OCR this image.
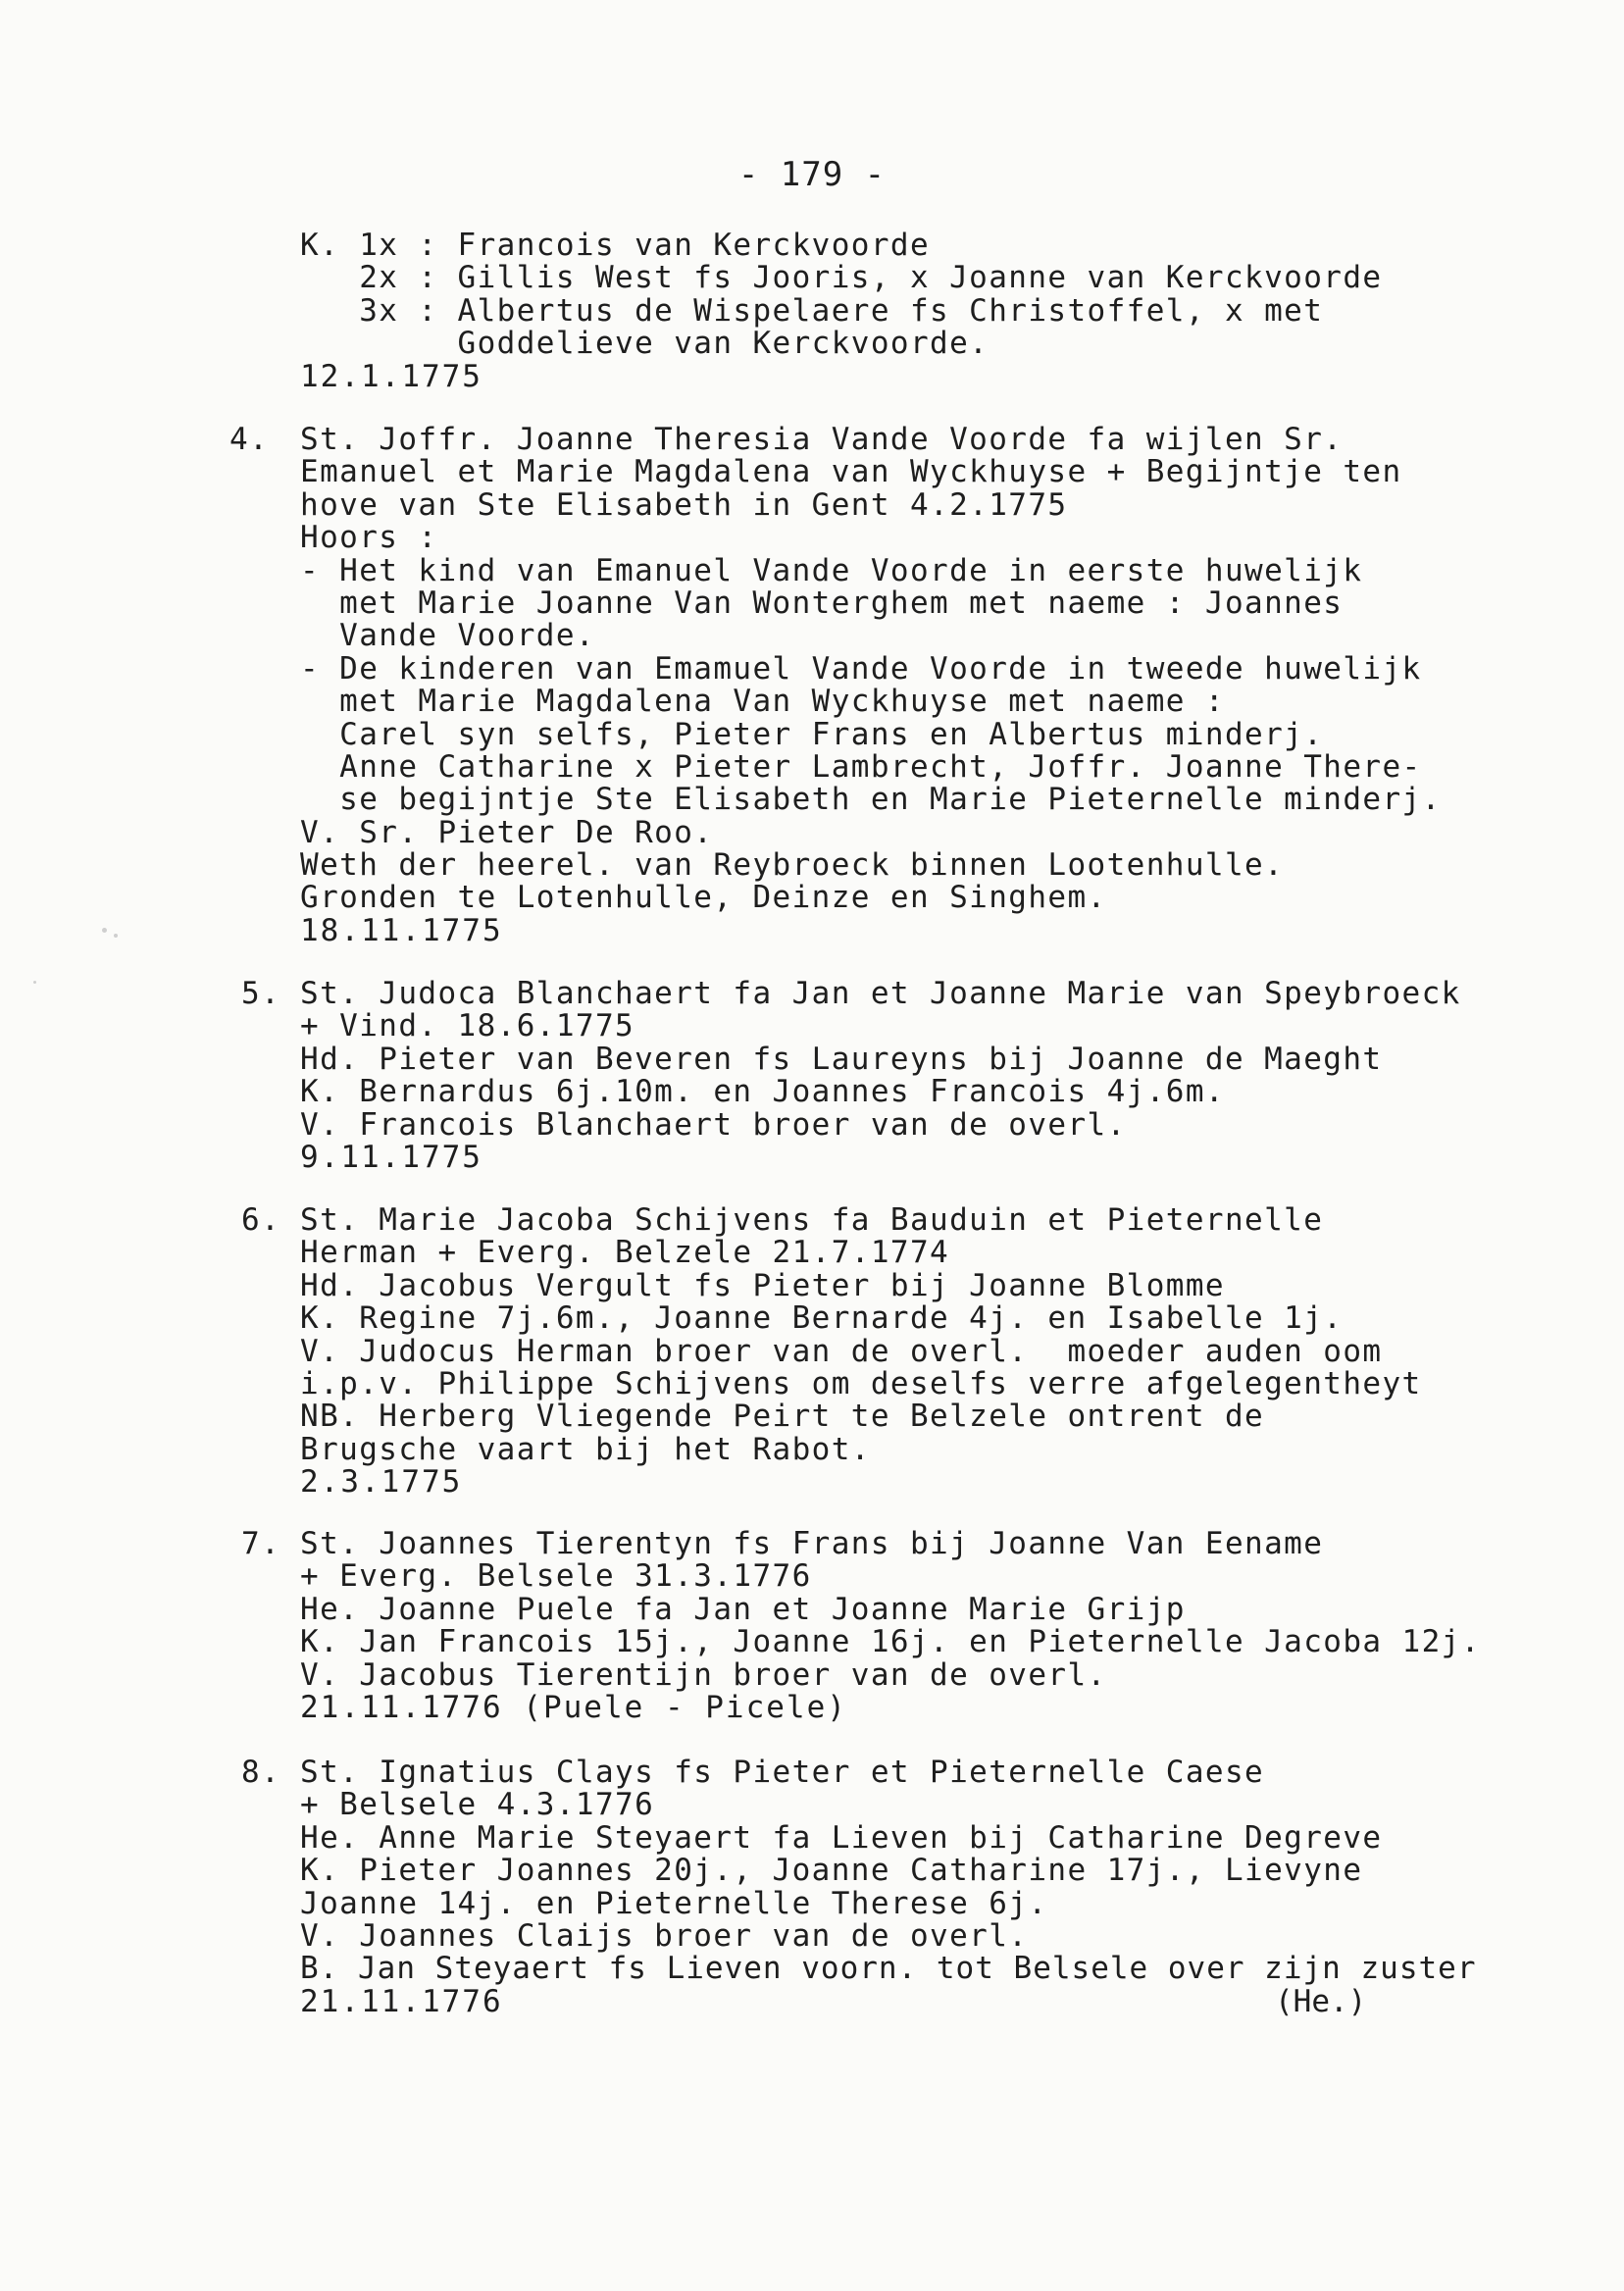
- 179 -
K. 1x : Francois van Kerckvoorde
2x : Gillis West fs Jooris, x Joanne van Kerckvoorde
3x : Albertus de Wispelaere fs Christoffel, x met
Goddelieve van Kerckvoorde.
12.1.1775
4. St. Joffr. Joanne Theresia Vande Voorde fa wijlen Sr.
Emanuel et Marie Magdalena van Wyckhuyse + Begijntje ten
hove van Ste Elisabeth in Gent 4.2.1775
Hoors :
- Het kind van Emanuel Vande Voorde in eerste huwelijk
met Marie Joanne Van Wonterghem met naeme : Joannes
Vande Voorde.
- De kinderen van Emamuel Vande Voorde in tweede huwelijk
met Marie Magdalena Van Wyckhuyse met naeme :
Carel syn selfs, Pieter Frans en Albertus minderj.
Anne Catharine x Pieter Lambrecht, Joffr. Joanne There-
se begijntje Ste Elisabeth en Marie Pieternelle minderj.
V. Sr. Pieter De Roo.
Weth der heerel. van Reybroeck binnen Lootenhulle.
Gronden te Lotenhulle, Deinze en Singhem.
18.11.1775
5. St. Judoca Blanchaert fa Jan et Joanne Marie van Speybroeck
+ Vind. 18.6.1775
Hd. Pieter van Beveren fs Laureyns bij Joanne de Maeght
K. Bernardus 6j.10m. en Joannes Francois 4j.6m.
V. Francois Blanchaert broer van de overl.
9.11.1775
6. St. Marie Jacoba Schijvens fa Bauduin et Pieternelle
Herman + Everg. Belzele 21.7.1774
Hd. Jacobus Vergult fs Pieter bij Joanne Blomme
K. Regine 7j.6m., Joanne Bernarde 4j. en Isabelle 1j.
V. Judocus Herman broer van de overl.  moeder auden oom
i.p.v. Philippe Schijvens om deselfs verre afgelegentheyt
NB. Herberg Vliegende Peirt te Belzele ontrent de
Brugsche vaart bij het Rabot.
2.3.1775
7. St. Joannes Tierentyn fs Frans bij Joanne Van Eename
+ Everg. Belsele 31.3.1776
He. Joanne Puele fa Jan et Joanne Marie Grijp
K. Jan Francois 15j., Joanne 16j. en Pieternelle Jacoba 12j.
V. Jacobus Tierentijn broer van de overl.
21.11.1776 (Puele - Picele)
8. St. Ignatius Clays fs Pieter et Pieternelle Caese
+ Belsele 4.3.1776
He. Anne Marie Steyaert fa Lieven bij Catharine Degreve
K. Pieter Joannes 20j., Joanne Catharine 17j., Lievyne
Joanne 14j. en Pieternelle Therese 6j.
V. Joannes Claijs broer van de overl.
B. Jan Steyaert fs Lieven voorn. tot Belsele over zijn zuster
21.11.1776	(He.)
